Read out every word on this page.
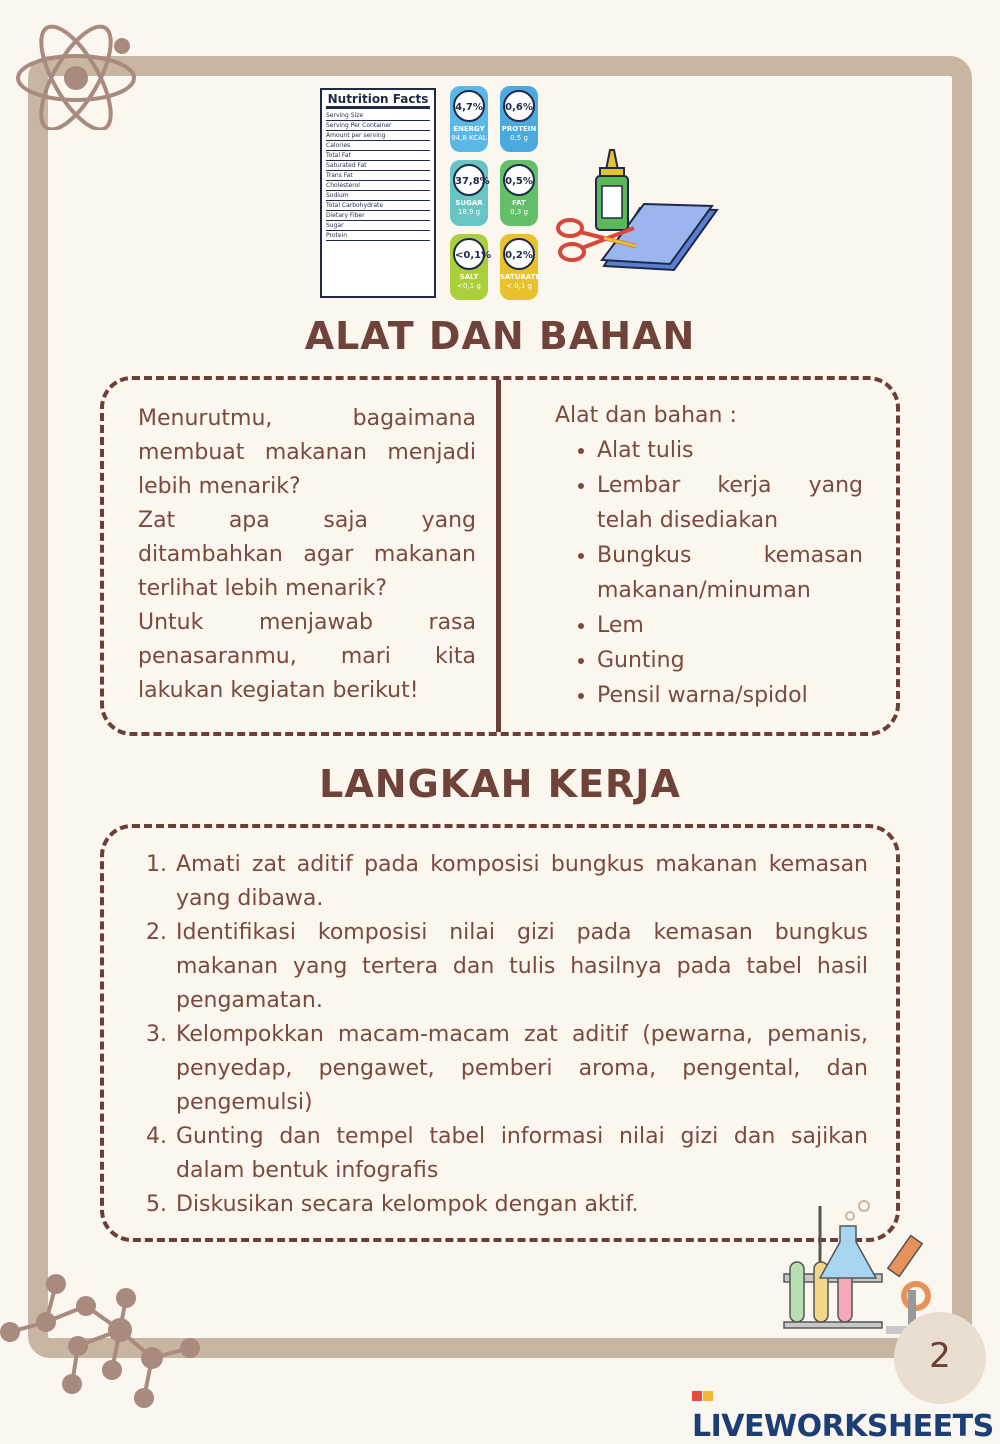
Nutrition Facts
Serving Size
Serving Per Container
Amount per serving
Calories
Total Fat
Saturated Fat
Trans Fat
Cholesterol
Sodium
Total Carbohydrate
Dietary Fiber
Sugar
Protein
4,7%
ENERGY
94,8 KCAL
0,6%
PROTEIN
0,5 g
37,8%
SUGAR
18,9 g
0,5%
FAT
0,3 g
<0,1%
SALT
<0,1 g
0,2%
SATURATES
< 0,1 g
ALAT DAN BAHAN
Menurutmu, bagaimana membuat makanan menjadi lebih menarik?
Zat apa saja yang ditambahkan agar makanan terlihat lebih menarik?
Untuk menjawab rasa penasaranmu, mari kita lakukan kegiatan berikut!
Alat dan bahan :
• Alat tulis
• Lembar kerja yang telah disediakan
• Bungkus kemasan makanan/minuman
• Lem
• Gunting
• Pensil warna/spidol
LANGKAH KERJA
1. Amati zat aditif pada komposisi bungkus makanan kemasan yang dibawa.
2. Identifikasi komposisi nilai gizi pada kemasan bungkus makanan yang tertera dan tulis hasilnya pada tabel hasil pengamatan.
3. Kelompokkan macam-macam zat aditif (pewarna, pemanis, penyedap, pengawet, pemberi aroma, pengental, dan pengemulsi)
4. Gunting dan tempel tabel informasi nilai gizi dan sajikan dalam bentuk infografis
5. Diskusikan secara kelompok dengan aktif.
2
LIVEWORKSHEETS
